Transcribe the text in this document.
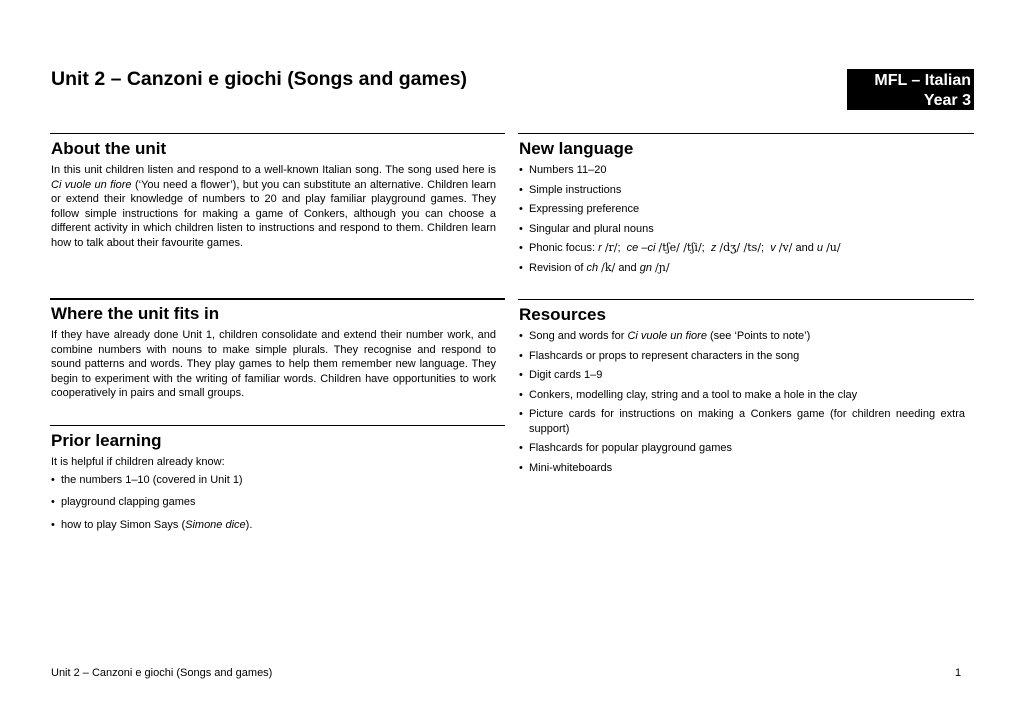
Unit 2 – Canzoni e giochi (Songs and games)	MFL – Italian
Year 3
About the unit

In this unit children listen and respond to a well-known Italian song. The song used here is Ci vuole un fiore (‘You need a flower’), but you can substitute an alternative. Children learn or extend their knowledge of numbers to 20 and play familiar playground games. They follow simple instructions for making a game of Conkers, although you can choose a different activity in which children listen to instructions and respond to them. Children learn how to talk about their favourite games.

Where the unit fits in

If they have already done Unit 1, children consolidate and extend their number work, and combine numbers with nouns to make simple plurals. They recognise and respond to sound patterns and words. They play games to help them remember new language. They begin to experiment with the writing of familiar words. Children have opportunities to work cooperatively in pairs and small groups.

Prior learning

It is helpful if children already know:

• the numbers 1–10 (covered in Unit 1)
• playground clapping games
• how to play Simon Says (Simone dice).
New language
• Numbers 11–20
• Simple instructions
• Expressing preference
• Singular and plural nouns
• Phonic focus: r /r/;  ce –ci /tʃe/ /tʃi/;  z /dʒ/ /ts/;  v /v/ and u /u/
• Revision of ch /k/ and gn /ɲ/
Resources
• Song and words for Ci vuole un fiore (see ‘Points to note’)
• Flashcards or props to represent characters in the song
• Digit cards 1–9
• Conkers, modelling clay, string and a tool to make a hole in the clay
• Picture cards for instructions on making a Conkers game (for children needing extra support)
• Flashcards for popular playground games
• Mini-whiteboards
Unit 2 – Canzoni e giochi (Songs and games)	1
